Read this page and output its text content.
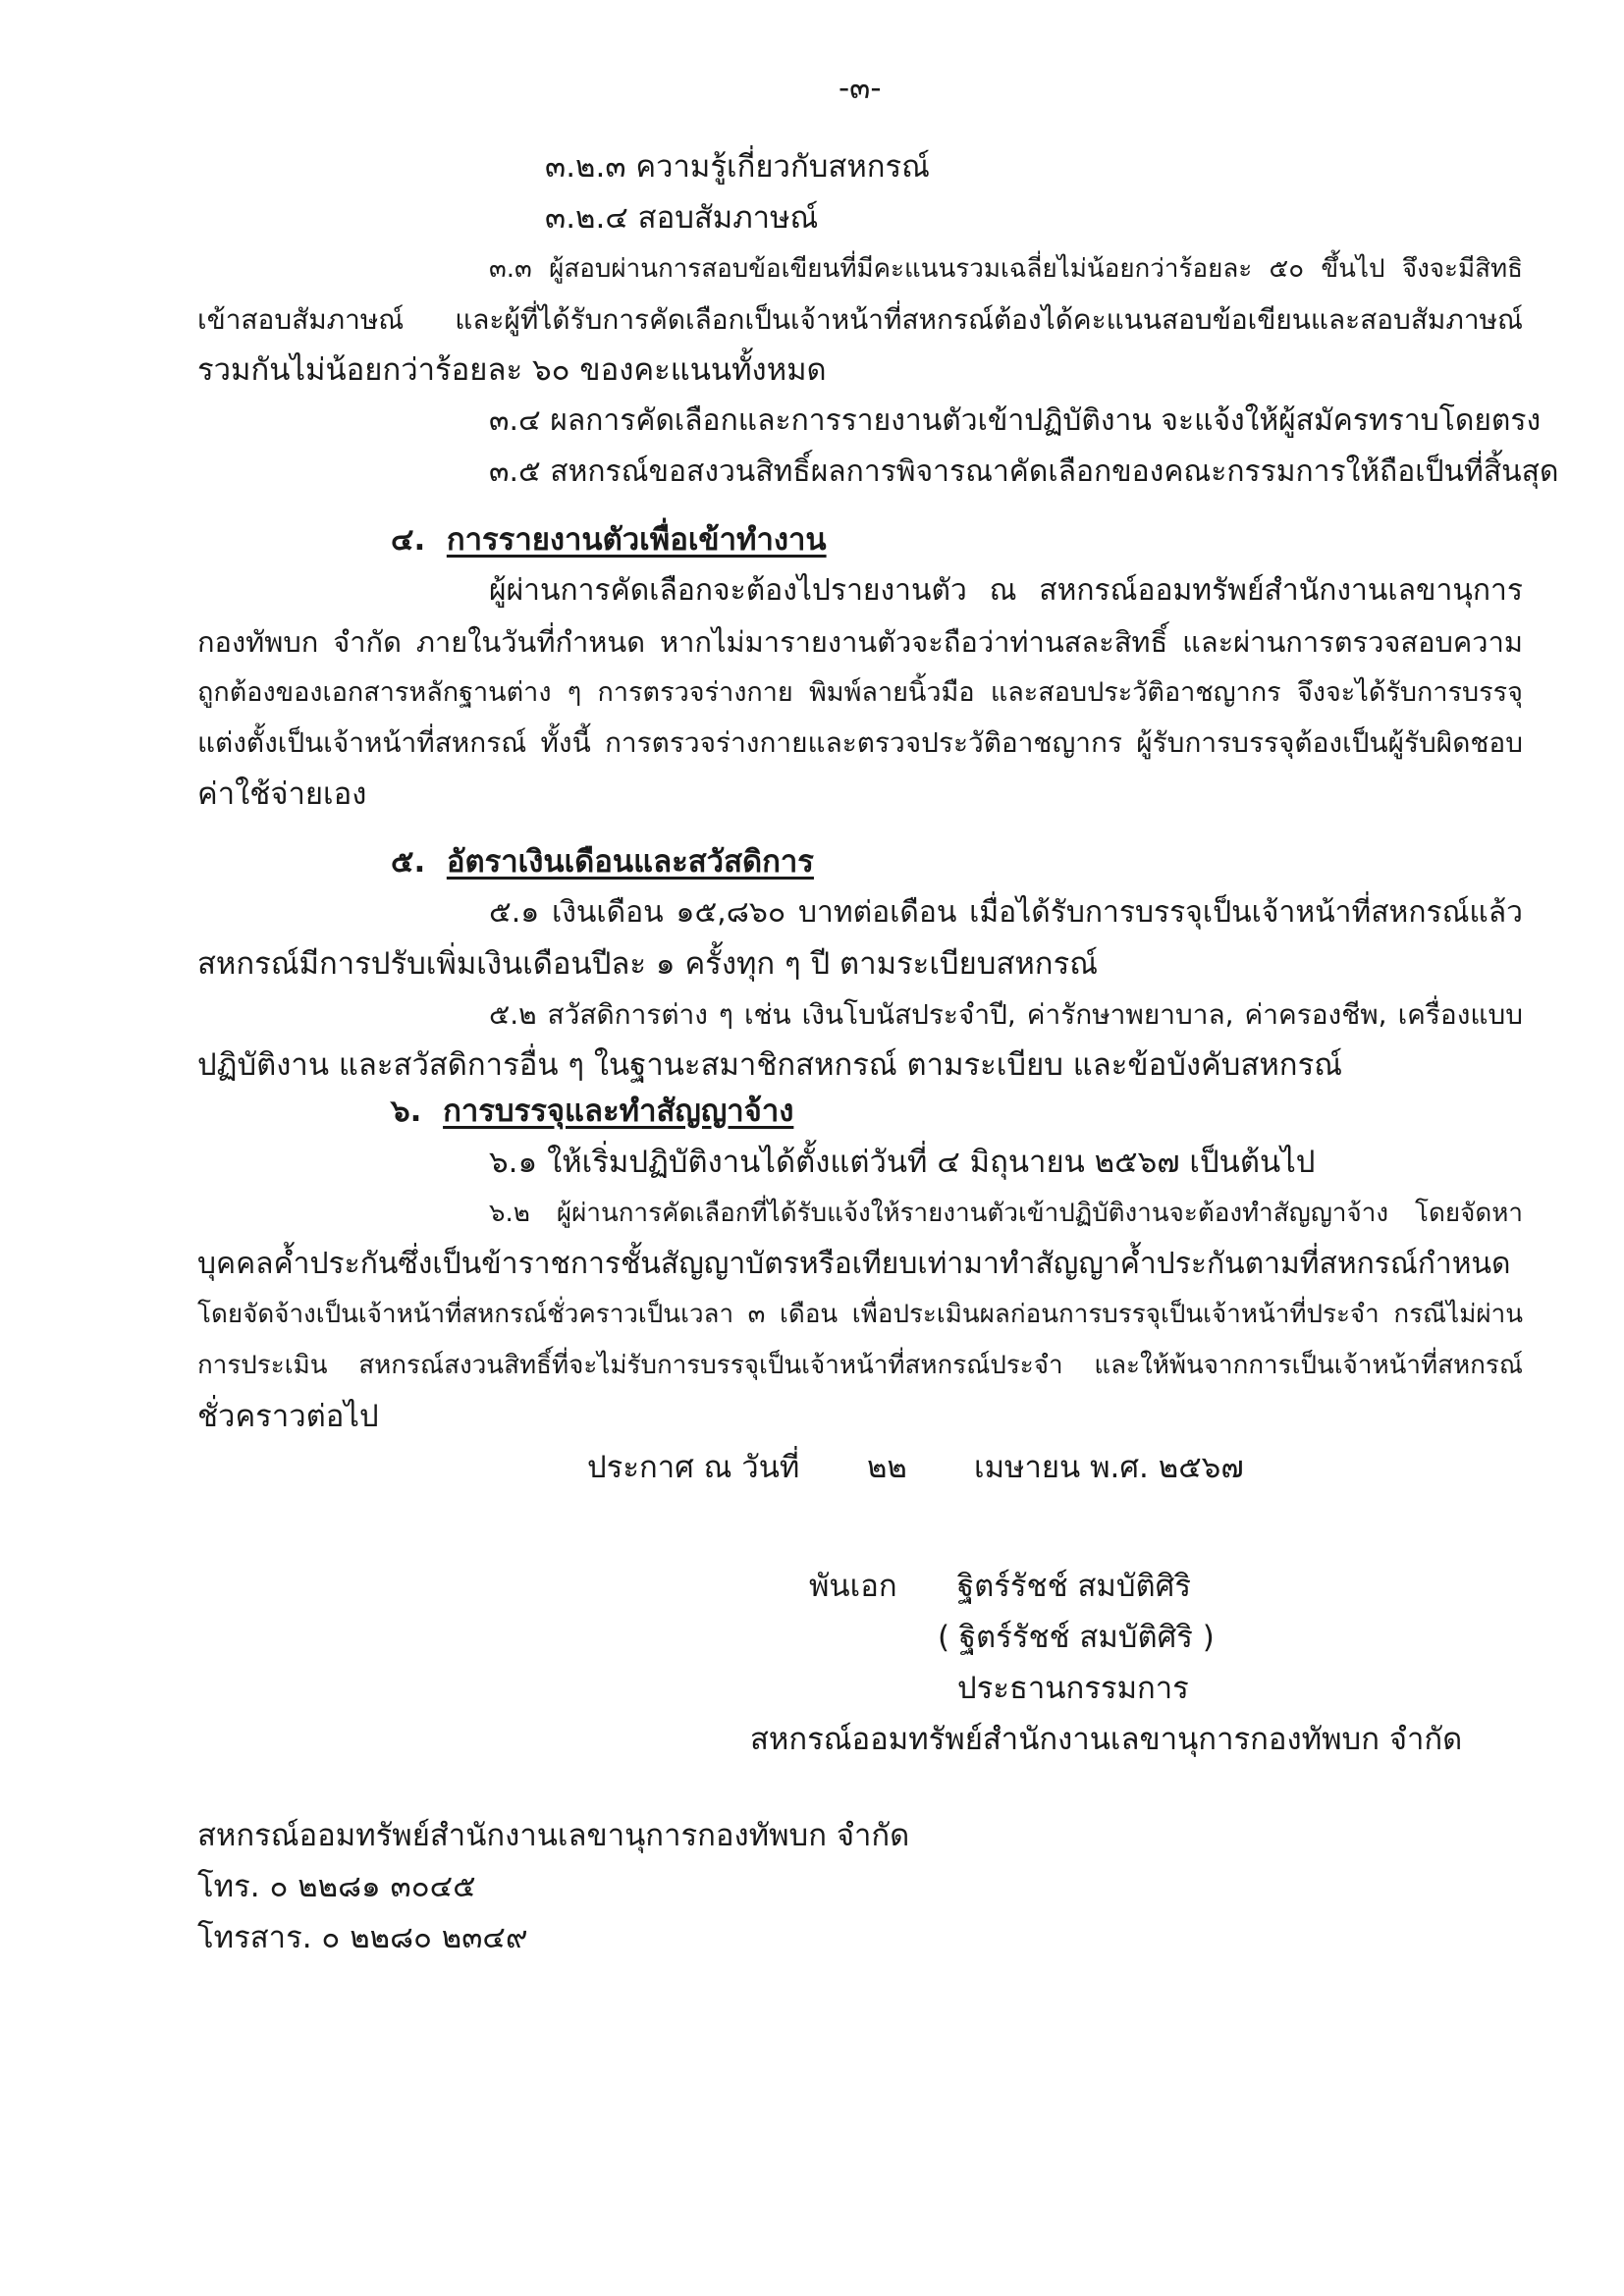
-๓-

๓.๒.๓ ความรู้เกี่ยวกับสหกรณ์

๓.๒.๔ สอบสัมภาษณ์

๓.๓ ผู้สอบผ่านการสอบข้อเขียนที่มีคะแนนรวมเฉลี่ยไม่น้อยกว่าร้อยละ ๕๐ ขึ้นไป จึงจะมีสิทธิ

เข้าสอบสัมภาษณ์ และผู้ที่ได้รับการคัดเลือกเป็นเจ้าหน้าที่สหกรณ์ต้องได้คะแนนสอบข้อเขียนและสอบสัมภาษณ์

รวมกันไม่น้อยกว่าร้อยละ ๖๐ ของคะแนนทั้งหมด

๓.๔ ผลการคัดเลือกและการรายงานตัวเข้าปฏิบัติงาน จะแจ้งให้ผู้สมัครทราบโดยตรง

๓.๕ สหกรณ์ขอสงวนสิทธิ์ผลการพิจารณาคัดเลือกของคณะกรรมการให้ถือเป็นที่สิ้นสุด

๔. การรายงานตัวเพื่อเข้าทำงาน

ผู้ผ่านการคัดเลือกจะต้องไปรายงานตัว ณ สหกรณ์ออมทรัพย์สำนักงานเลขานุการ

กองทัพบก จำกัด ภายในวันที่กำหนด หากไม่มารายงานตัวจะถือว่าท่านสละสิทธิ์ และผ่านการตรวจสอบความ

ถูกต้องของเอกสารหลักฐานต่าง ๆ การตรวจร่างกาย พิมพ์ลายนิ้วมือ และสอบประวัติอาชญากร จึงจะได้รับการบรรจุ

แต่งตั้งเป็นเจ้าหน้าที่สหกรณ์ ทั้งนี้ การตรวจร่างกายและตรวจประวัติอาชญากร ผู้รับการบรรจุต้องเป็นผู้รับผิดชอบ

ค่าใช้จ่ายเอง

๕. อัตราเงินเดือนและสวัสดิการ

๕.๑ เงินเดือน ๑๕,๘๖๐ บาทต่อเดือน เมื่อได้รับการบรรจุเป็นเจ้าหน้าที่สหกรณ์แล้ว

สหกรณ์มีการปรับเพิ่มเงินเดือนปีละ ๑ ครั้งทุก ๆ ปี ตามระเบียบสหกรณ์

๕.๒ สวัสดิการต่าง ๆ เช่น เงินโบนัสประจำปี, ค่ารักษาพยาบาล, ค่าครองชีพ, เครื่องแบบ

ปฏิบัติงาน และสวัสดิการอื่น ๆ ในฐานะสมาชิกสหกรณ์ ตามระเบียบ และข้อบังคับสหกรณ์

๖. การบรรจุและทำสัญญาจ้าง

๖.๑ ให้เริ่มปฏิบัติงานได้ตั้งแต่วันที่ ๔ มิถุนายน ๒๕๖๗ เป็นต้นไป

๖.๒ ผู้ผ่านการคัดเลือกที่ได้รับแจ้งให้รายงานตัวเข้าปฏิบัติงานจะต้องทำสัญญาจ้าง โดยจัดหา

บุคคลค้ำประกันซึ่งเป็นข้าราชการชั้นสัญญาบัตรหรือเทียบเท่ามาทำสัญญาค้ำประกันตามที่สหกรณ์กำหนด

โดยจัดจ้างเป็นเจ้าหน้าที่สหกรณ์ชั่วคราวเป็นเวลา ๓ เดือน เพื่อประเมินผลก่อนการบรรจุเป็นเจ้าหน้าที่ประจำ กรณีไม่ผ่าน

การประเมิน สหกรณ์สงวนสิทธิ์ที่จะไม่รับการบรรจุเป็นเจ้าหน้าที่สหกรณ์ประจำ และให้พ้นจากการเป็นเจ้าหน้าที่สหกรณ์

ชั่วคราวต่อไป

ประกาศ ณ วันที่ ๒๒ เมษายน พ.ศ. ๒๕๖๗

พันเอก ฐิตร์รัชช์ สมบัติศิริ

( ฐิตร์รัชช์ สมบัติศิริ )

ประธานกรรมการ

สหกรณ์ออมทรัพย์สำนักงานเลขานุการกองทัพบก จำกัด

สหกรณ์ออมทรัพย์สำนักงานเลขานุการกองทัพบก จำกัด

โทร. ๐ ๒๒๘๑ ๓๐๔๕

โทรสาร. ๐ ๒๒๘๐ ๒๓๔๙
